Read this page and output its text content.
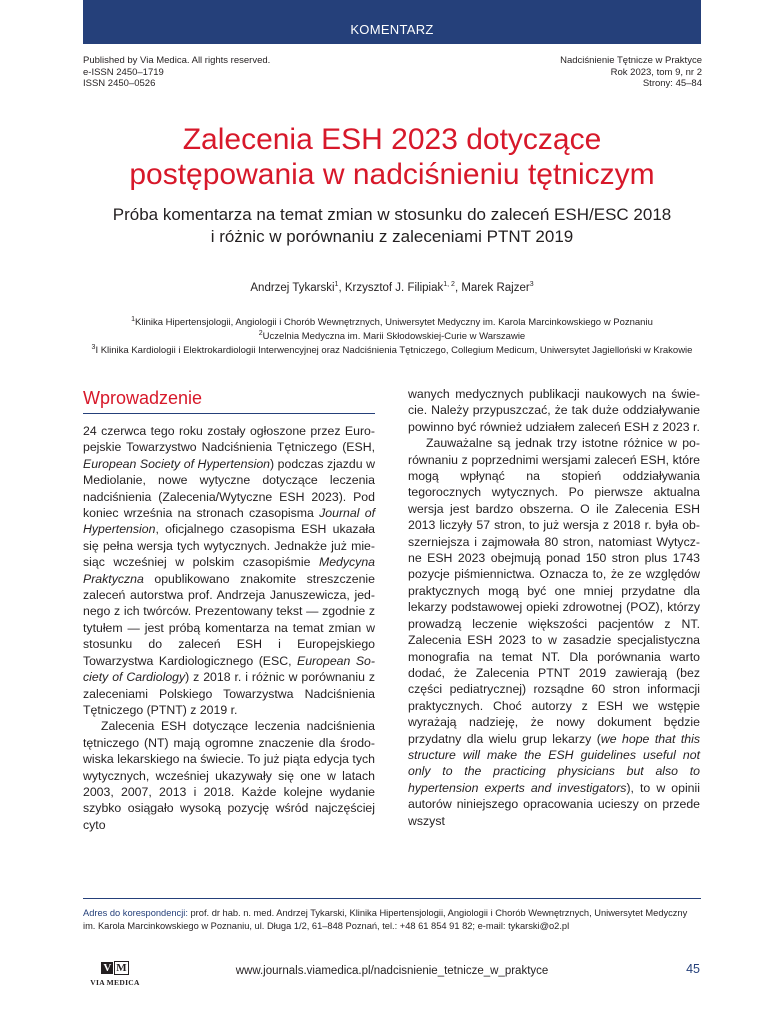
KOMENTARZ
Published by Via Medica. All rights reserved.
e-ISSN 2450–1719
ISSN 2450–0526
Nadciśnienie Tętnicze w Praktyce
Rok 2023, tom 9, nr 2
Strony: 45–84
Zalecenia ESH 2023 dotyczące
postępowania w nadciśnieniu tętniczym
Próba komentarza na temat zmian w stosunku do zaleceń ESH/ESC 2018
i różnic w porównaniu z zaleceniami PTNT 2019
Andrzej Tykarski$^1$, Krzysztof J. Filipiak$^{1, 2}$, Marek Rajzer$^3$
$^1$Klinika Hipertensjologii, Angiologii i Chorób Wewnętrznych, Uniwersytet Medyczny im. Karola Marcinkowskiego w Poznaniu
$^2$Uczelnia Medyczna im. Marii Skłodowskiej-Curie w Warszawie
$^3$I Klinika Kardiologii i Elektrokardiologii Interwencyjnej oraz Nadciśnienia Tętniczego, Collegium Medicum, Uniwersytet Jagielloński w Krakowie
Wprowadzenie

24 czerwca tego roku zostały ogłoszone przez Europejskie Towarzystwo Nadciśnienia Tętniczego (ESH, European Society of Hypertension) podczas zjazdu w Mediolanie, nowe wytyczne dotyczące leczenia nadciśnienia (Zalecenia/Wytyczne ESH 2023). Pod koniec września na stronach czasopisma Journal of Hypertension, oficjalnego czasopisma ESH ukazała się pełna wersja tych wytycznych. Jednakże już miesiąc wcześniej w polskim czasopiśmie Medycyna Praktyczna opublikowano znakomite streszczenie zaleceń autorstwa prof. Andrzeja Januszewicza, jednego z ich twórców. Prezentowany tekst — zgodnie z tytułem — jest próbą komentarza na temat zmian w stosunku do zaleceń ESH i Europejskiego Towarzystwa Kardiologicznego (ESC, European Society of Cardiology) z 2018 r. i różnic w porównaniu z zaleceniami Polskiego Towarzystwa Nadciśnienia Tętniczego (PTNT) z 2019 r.

Zalecenia ESH dotyczące leczenia nadciśnienia tętniczego (NT) mają ogromne znaczenie dla środowiska lekarskiego na świecie. To już piąta edycja tych wytycznych, wcześniej ukazywały się one w latach 2003, 2007, 2013 i 2018. Każde kolejne wydanie szybko osiągało wysoką pozycję wśród najczęściej cyto

wanych medycznych publikacji naukowych na świecie. Należy przypuszczać, że tak duże oddziaływanie powinno być również udziałem zaleceń ESH z 2023 r.

Zauważalne są jednak trzy istotne różnice w porównaniu z poprzednimi wersjami zaleceń ESH, które mogą wpłynąć na stopień oddziaływania tegorocznych wytycznych. Po pierwsze aktualna wersja jest bardzo obszerna. O ile Zalecenia ESH 2013 liczyły 57 stron, to już wersja z 2018 r. była obszerniejsza i zajmowała 80 stron, natomiast Wytyczne ESH 2023 obejmują ponad 150 stron plus 1743 pozycje piśmiennictwa. Oznacza to, że ze względów praktycznych mogą być one mniej przydatne dla lekarzy podstawowej opieki zdrowotnej (POZ), którzy prowadzą leczenie większości pacjentów z NT. Zalecenia ESH 2023 to w zasadzie specjalistyczna monografia na temat NT. Dla porównania warto dodać, że Zalecenia PTNT 2019 zawierają (bez części pediatrycznej) rozsądne 60 stron informacji praktycznych. Choć autorzy z ESH we wstępie wyrażają nadzieję, że nowy dokument będzie przydatny dla wielu grup lekarzy (we hope that this structure will make the ESH guidelines useful not only to the practicing physicians but also to hypertension experts and investigators), to w opinii autorów niniejszego opracowania ucieszy on przede wszyst

Adres do korespondencji: prof. dr hab. n. med. Andrzej Tykarski, Klinika Hipertensjologii, Angiologii i Chorób Wewnętrznych, Uniwersytet Medyczny im. Karola Marcinkowskiego w Poznaniu, ul. Długa 1/2, 61–848 Poznań, tel.: +48 61 854 91 82; e-mail: tykarski@o2.pl
V M
VIA MEDICA
www.journals.viamedica.pl/nadcisnienie_tetnicze_w_praktyce	45
